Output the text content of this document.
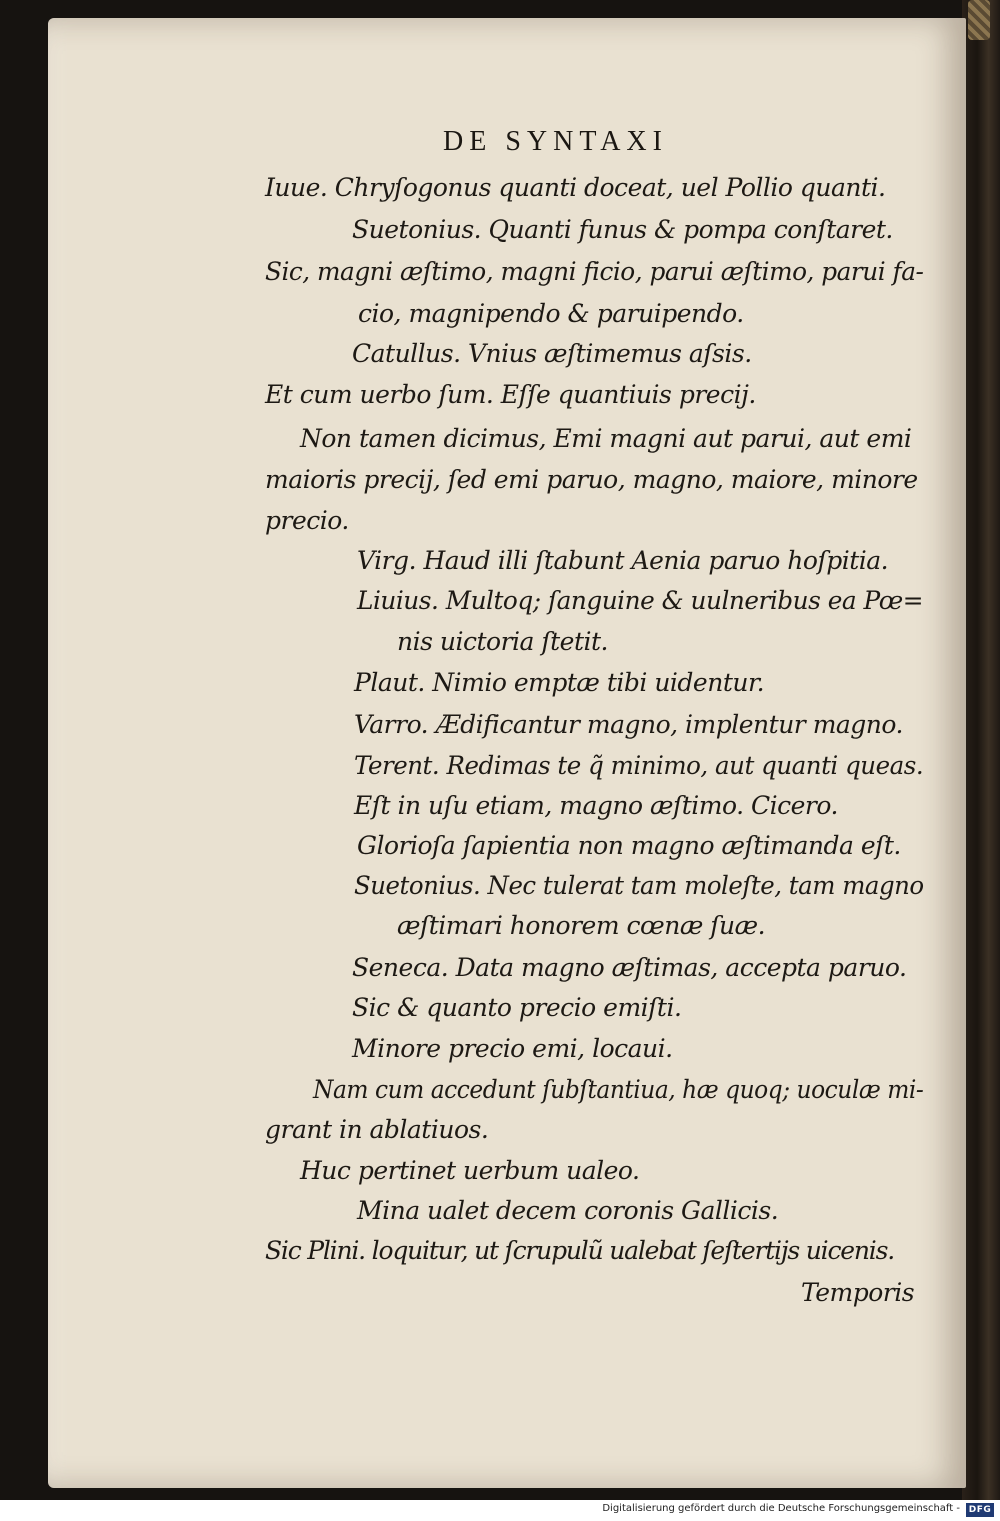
DE SYNTAXI

Iuue. Chryſogonus quanti doceat, uel Pollio quanti.

Suetonius. Quanti funus & pompa conſtaret.

Sic, magni æſtimo, magni ficio, parui æſtimo, parui fa-

cio, magnipendo & paruipendo.

Catullus. Vnius æſtimemus aſsis.

Et cum uerbo ſum. Eſſe quantiuis precij.

Non tamen dicimus, Emi magni aut parui, aut emi

maioris precij, ſed emi paruo, magno, maiore, minore

precio.

Virg. Haud illi ſtabunt Aenia paruo hoſpitia.

Liuius. Multoq; ſanguine & uulneribus ea Pœ=

nis uictoria ſtetit.

Plaut. Nimio emptæ tibi uidentur.

Varro. Ædificantur magno, implentur magno.

Terent. Redimas te q̃ minimo, aut quanti queas.

Eſt in uſu etiam, magno æſtimo. Cicero.

Glorioſa ſapientia non magno æſtimanda eſt.

Suetonius. Nec tulerat tam moleſte, tam magno

æſtimari honorem cœnæ ſuæ.

Seneca. Data magno æſtimas, accepta paruo.

Sic & quanto precio emiſti.

Minore precio emi, locaui.

Nam cum accedunt ſubſtantiua, hæ quoq; uoculæ mi-

grant in ablatiuos.

Huc pertinet uerbum ualeo.

Mina ualet decem coronis Gallicis.

Sic Plini. loquitur, ut ſcrupulũ ualebat ſeſtertijs uicenis.

Temporis

Digitalisierung gefördert durch die Deutsche Forschungsgemeinschaft - DFG
